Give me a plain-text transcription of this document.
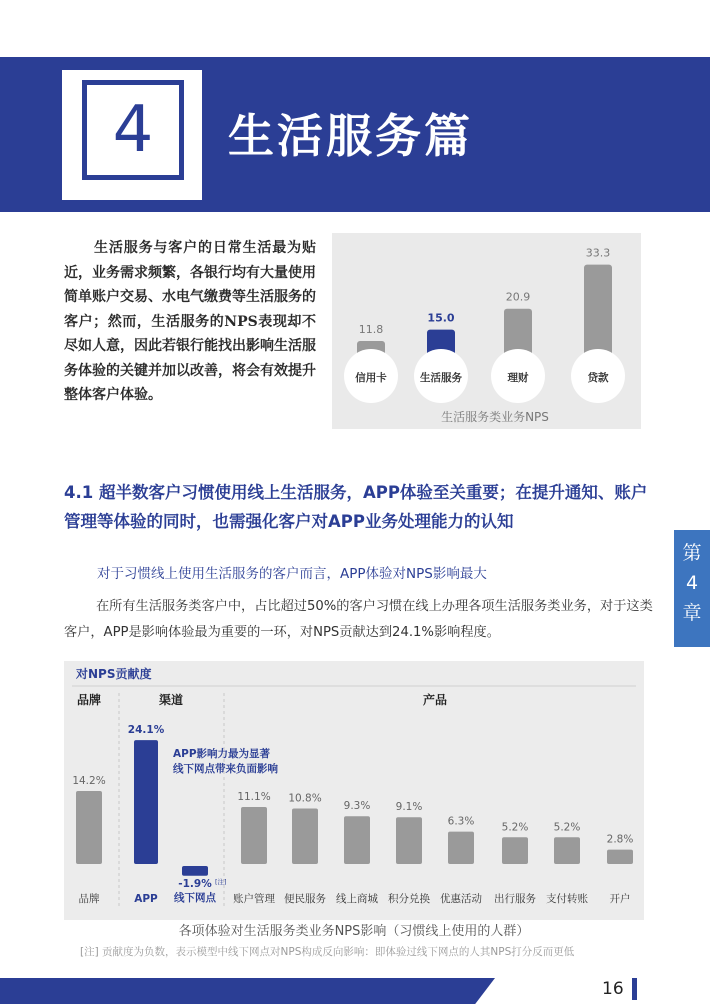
4	生活服务篇

生活服务与客户的日常生活最为贴近，业务需求频繁，各银行均有大量使用简单账户交易、水电气缴费等生活服务的客户；然而，生活服务的NPS表现却不尽如人意，因此若银行能找出影响生活服务体验的关键并加以改善，将会有效提升整体客户体验。

11.8
信用卡
15.0
生活服务
20.9
理财
33.3
贷款
生活服务类业务NPS
4.1 超半数客户习惯使用线上生活服务，APP体验至关重要；在提升通知、账户管理等体验的同时，也需强化客户对APP业务处理能力的认知
对于习惯线上使用生活服务的客户而言，APP体验对NPS影响最大

在所有生活服务类客户中，占比超过50%的客户习惯在线上办理各项生活服务类业务，对于这类客户，APP是影响体验最为重要的一环，对NPS贡献达到24.1%影响程度。

第
4
章
对NPS贡献度
品牌	渠道	产品
14.2%
品牌
24.1%
APP
-1.9% [注]
线下网点
11.1%
账户管理
10.8%
便民服务
9.3%
线上商城
9.1%
积分兑换
6.3%
优惠活动
5.2%
出行服务
5.2%
支付转账
2.8%
开户
APP影响力最为显著
线下网点带来负面影响
各项体验对生活服务类业务NPS影响（习惯线上使用的人群）
[注] 贡献度为负数，表示模型中线下网点对NPS构成反向影响：即体验过线下网点的人其NPS打分反而更低
16
